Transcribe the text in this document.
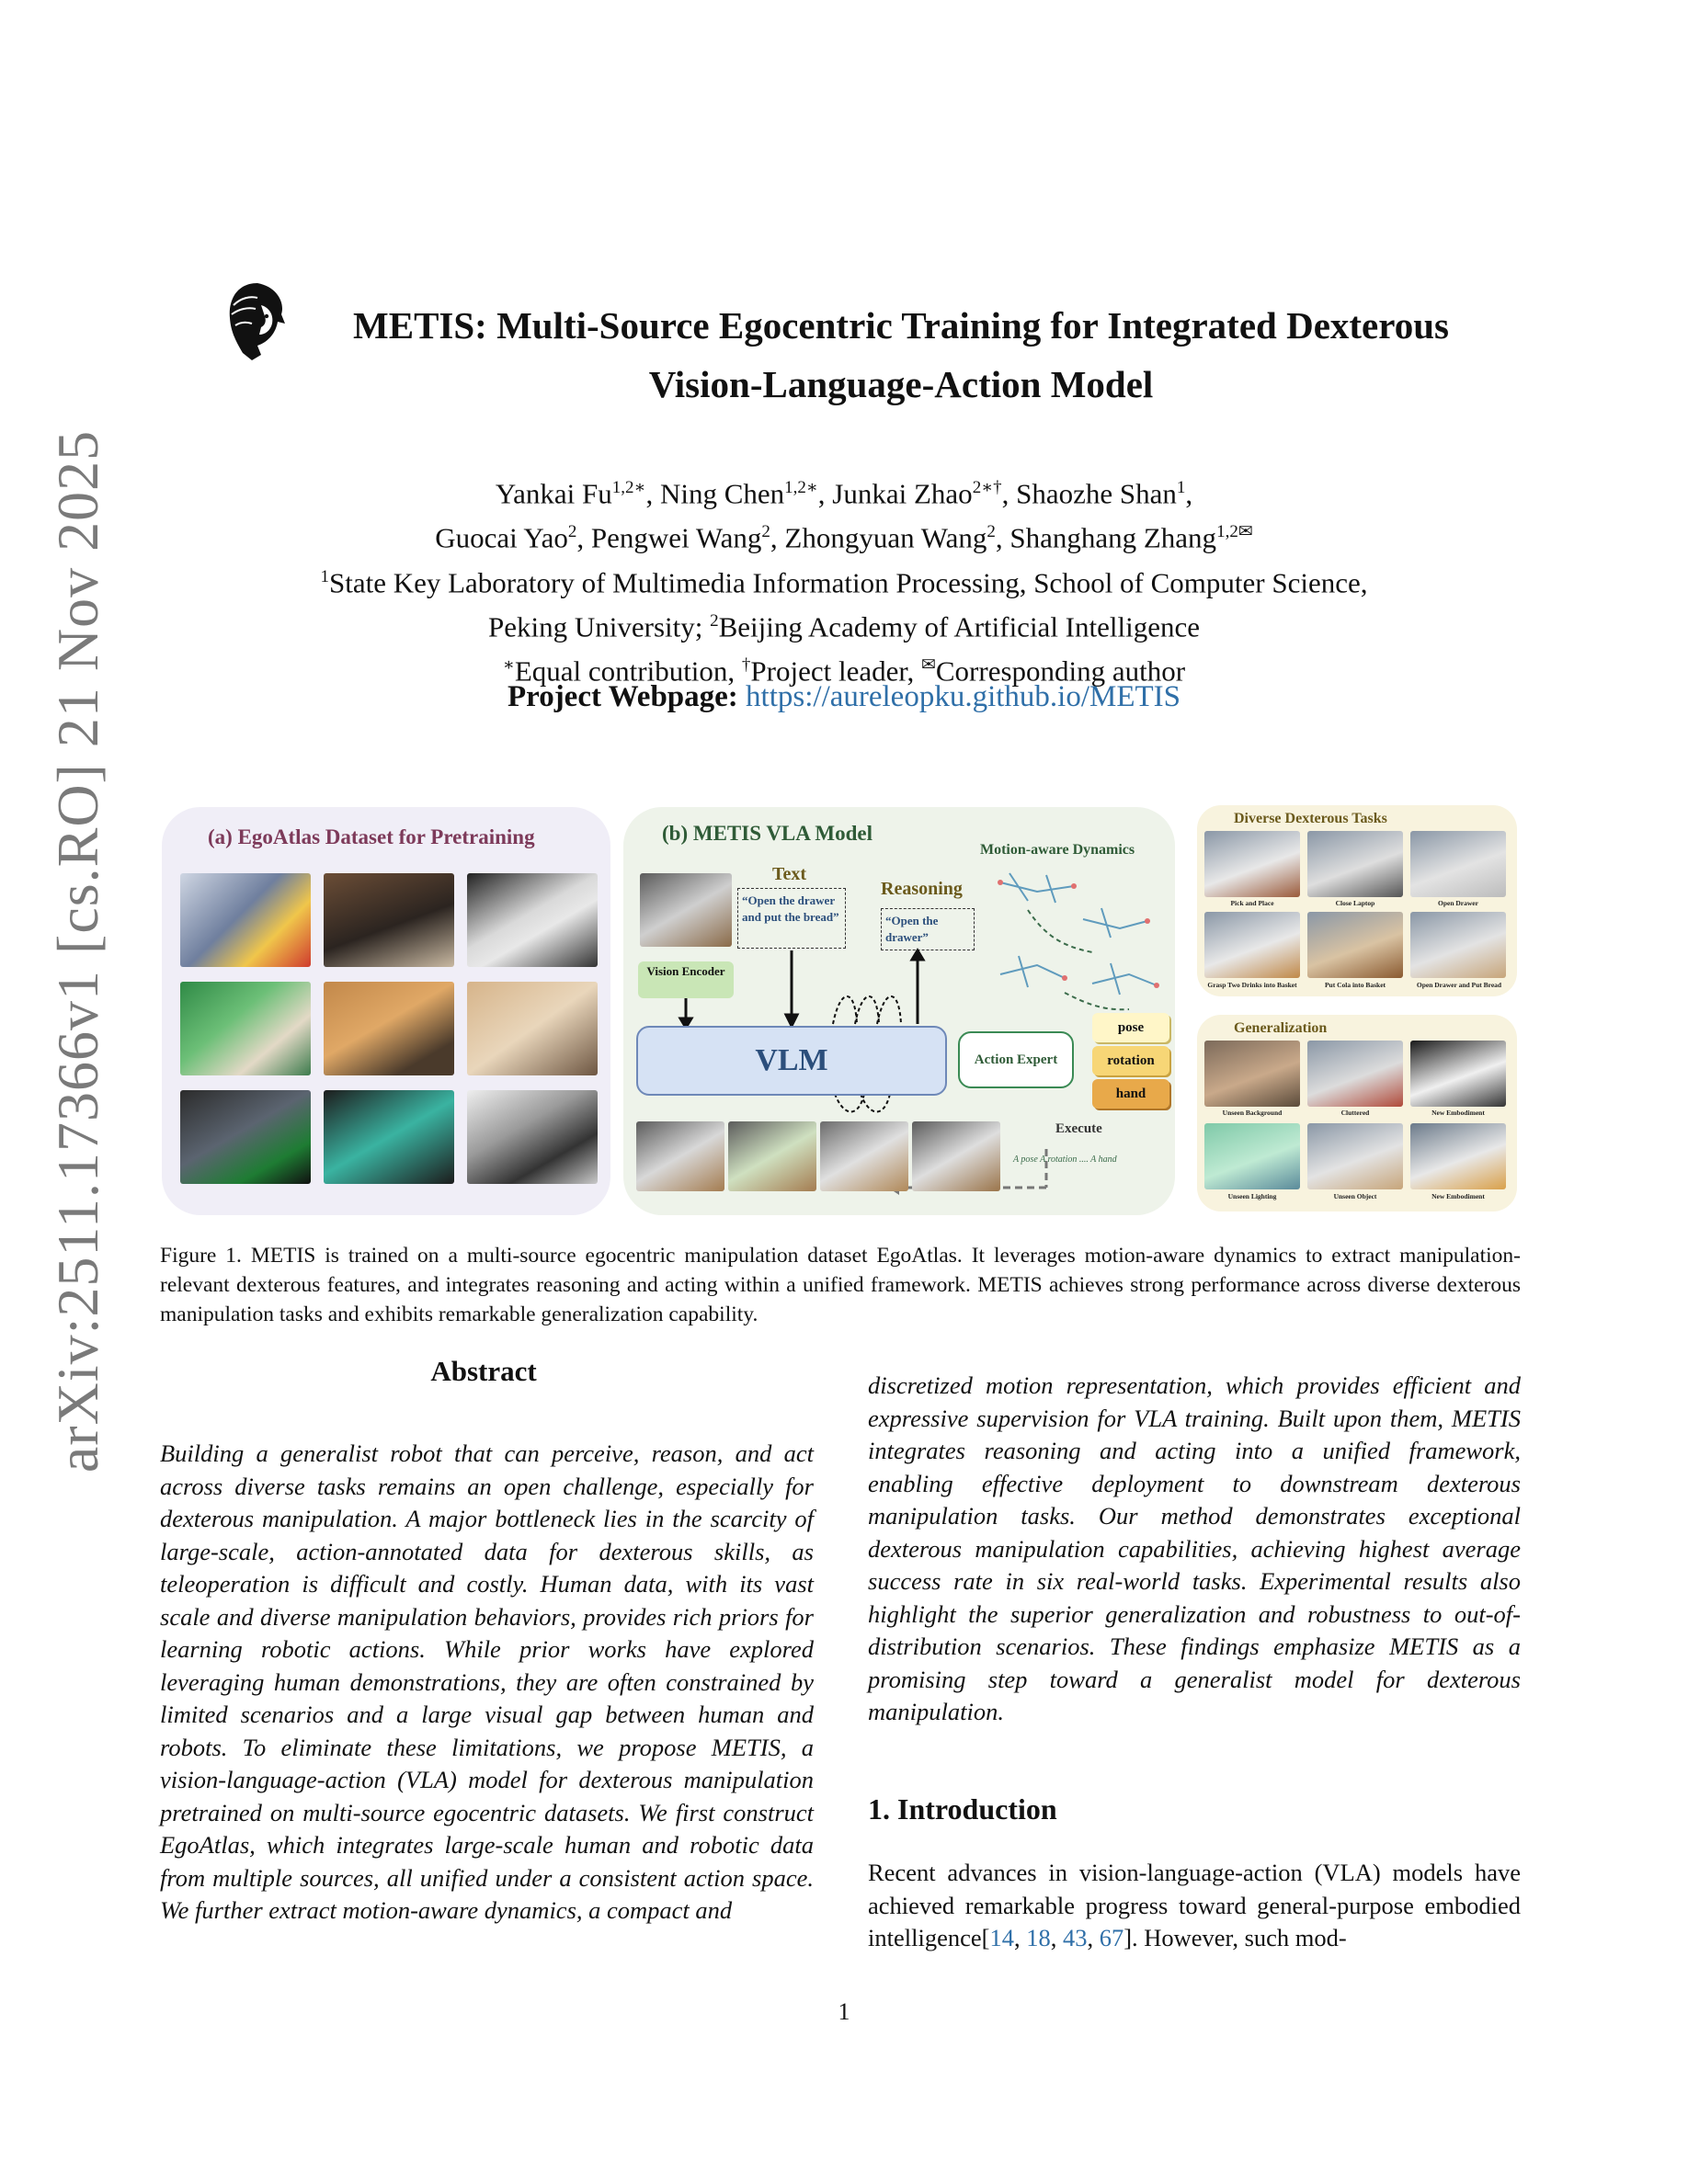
arXiv:2511.17366v1 [cs.RO] 21 Nov 2025
METIS: Multi-Source Egocentric Training for Integrated Dexterous
Vision-Language-Action Model
Yankai $Fu^{1,2∗}$, Ning Chen$^{1,2∗}$, Junkai Zhao$^{2∗\dagger}$, Shaozhe Shan$^1$,
Guocai Yao$^2$, Pengwei Wang$^2$, Zhongyuan Wang$^2$, Shanghang Zhang$^{1,2✉}$
$^1$State Key Laboratory of Multimedia Information Processing, School of Computer Science,
Peking University; $^2$Beijing Academy of Artificial Intelligence
∗Equal contribution, †Project leader, ✉Corresponding author
Project Webpage: https://aureleopku.github.io/METIS
(a) EgoAtlas Dataset for Pretraining	(b) METIS VLA Model
Motion-aware Dynamics
Vision Encoder
Text
“Open the drawer and put the bread”
Reasoning
“Open the drawer”
VLM	Action Expert
pose
rotation
hand
Execute
A pose A rotation .... A hand
Diverse Dexterous Tasks
Pick and Place	Close Laptop	Open Drawer
Grasp Two Drinks into Basket	Put Cola into Basket	Open Drawer and Put Bread
Generalization
Unseen Background	Cluttered	New Embodiment
Unseen Lighting	Unseen Object	New Embodiment
Figure 1. METIS is trained on a multi-source egocentric manipulation dataset EgoAtlas. It leverages motion-aware dynamics to extract manipulation-relevant dexterous features, and integrates reasoning and acting within a unified framework. METIS achieves strong performance across diverse dexterous manipulation tasks and exhibits remarkable generalization capability.
Abstract
Building a generalist robot that can perceive, reason, and act across diverse tasks remains an open challenge, especially for dexterous manipulation. A major bottleneck lies in the scarcity of large-scale, action-annotated data for dexterous skills, as teleoperation is difficult and costly. Human data, with its vast scale and diverse manipulation behaviors, provides rich priors for learning robotic actions. While prior works have explored leveraging human demonstrations, they are often constrained by limited scenarios and a large visual gap between human and robots. To eliminate these limitations, we propose METIS, a vision-language-action (VLA) model for dexterous manipulation pretrained on multi-source egocentric datasets. We first construct EgoAtlas, which integrates large-scale human and robotic data from multiple sources, all unified under a consistent action space. We further extract motion-aware dynamics, a compact and
discretized motion representation, which provides efficient and expressive supervision for VLA training. Built upon them, METIS integrates reasoning and acting into a unified framework, enabling effective deployment to downstream dexterous manipulation tasks. Our method demonstrates exceptional dexterous manipulation capabilities, achieving highest average success rate in six real-world tasks. Experimental results also highlight the superior generalization and robustness to out-of-distribution scenarios. These findings emphasize METIS as a promising step toward a generalist model for dexterous manipulation.
1. Introduction
Recent advances in vision-language-action (VLA) models have achieved remarkable progress toward general-purpose embodied intelligence[14, 18, 43, 67]. However, such mod-
1
